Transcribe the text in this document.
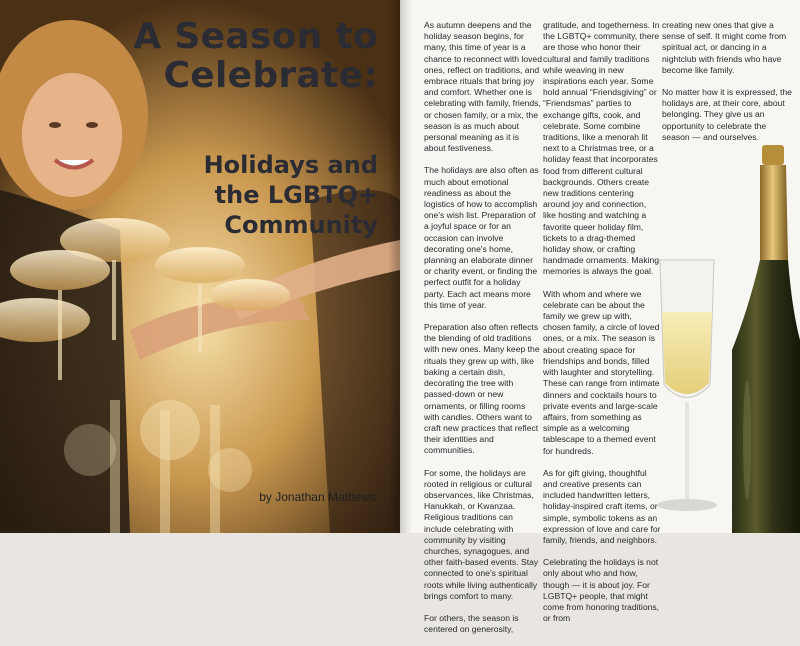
A Season to
Celebrate:
Holidays and
the LGBTQ+
Community
by Jonathan Mathews

As autumn deepens and the holiday season begins, for many, this time of year is a chance to reconnect with loved ones, reflect on traditions, and embrace rituals that bring joy and comfort. Whether one is celebrating with family, friends, or chosen family, or a mix, the season is as much about personal meaning as it is about festiveness.

The holidays are also often as much about emotional readiness as about the logistics of how to accomplish one's wish list. Preparation of a joyful space or for an occasion can involve decorating one's home, planning an elaborate dinner or charity event, or finding the perfect outfit for a holiday party. Each act means more this time of year.

Preparation also often reflects the blending of old traditions with new ones. Many keep the rituals they grew up with, like baking a certain dish, decorating the tree with passed-down or new ornaments, or filling rooms with candles. Others want to craft new practices that reflect their identities and communities.

For some, the holidays are rooted in religious or cultural observances, like Christmas, Hanukkah, or Kwanzaa. Religious traditions can include celebrating with community by visiting churches, synagogues, and other faith-based events. Stay connected to one's spiritual roots while living authentically brings comfort to many.

For others, the season is centered on generosity,

gratitude, and togetherness. In the LGBTQ+ community, there are those who honor their cultural and family traditions while weaving in new inspirations each year. Some hold annual “Friendsgiving” or “Friendsmas” parties to exchange gifts, cook, and celebrate. Some combine traditions, like a menorah lit next to a Christmas tree, or a holiday feast that incorporates food from different cultural backgrounds. Others create new traditions centering around joy and connection, like hosting and watching a favorite queer holiday film, tickets to a drag-themed holiday show, or crafting handmade ornaments. Making memories is always the goal.

With whom and where we celebrate can be about the family we grew up with, chosen family, a circle of loved ones, or a mix. The season is about creating space for friendships and bonds, filled with laughter and storytelling. These can range from intimate dinners and cocktails hours to private events and large-scale affairs, from something as simple as a welcoming tablescape to a themed event for hundreds.

As for gift giving, thoughtful and creative presents can included handwritten letters, holiday-inspired craft items, or simple, symbolic tokens as an expression of love and care for family, friends, and neighbors.

Celebrating the holidays is not only about who and how, though — it is about joy. For LGBTQ+ people, that might come from honoring traditions, or from

creating new ones that give a sense of self. It might come from spiritual act, or dancing in a nightclub with friends who have become like family.

No matter how it is expressed, the holidays are, at their core, about belonging. They give us an opportunity to celebrate the season — and ourselves.

7
